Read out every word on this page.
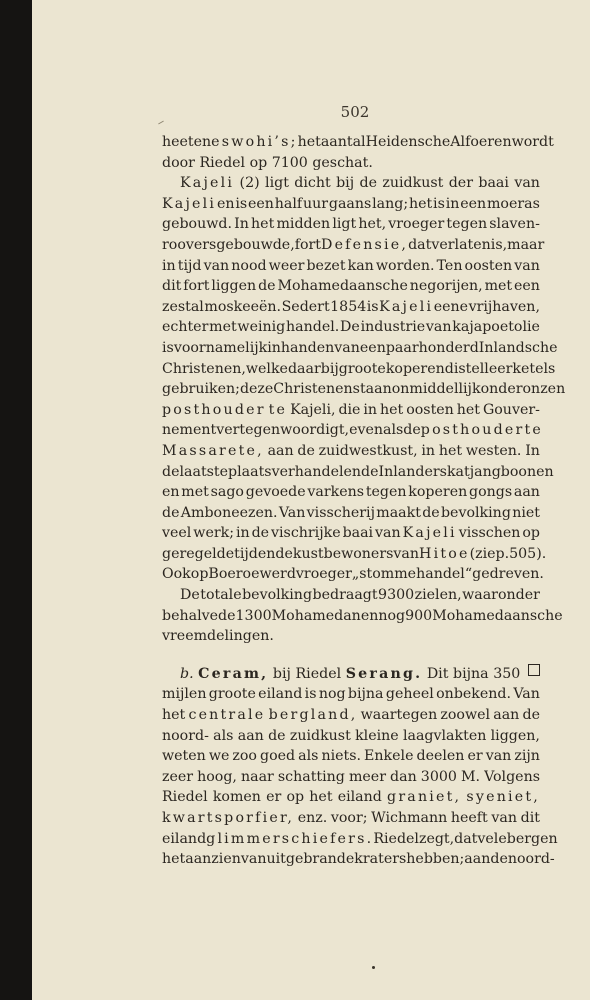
502
heeten eswohi’s; het aantal Heidensche Alfoeren wordt
door Riedel op 7100 geschat.
Kajeli (2) ligt dicht bij de zuidkust der baai van
Kajeli en is een half uur gaans lang; het is in een moeras
gebouwd. In het midden ligt het, vroeger tegen slaven-
roovers gebouwde, fort Defensie, dat verlaten is, maar
in tijd van nood weer bezet kan worden. Ten oosten van
dit fort liggen de Mohamedaansche negorijen, met een
zestal moskeeën. Sedert 1854 is Kajeli eene vrijhaven,
echter met weinig handel. De industrie van kajapoetolie
is voornamelijk in handen van een paar honderd Inlandsche
Christenen, welke daarbij groote koperen distelleerketels
gebruiken; deze Christenen staan onmiddellijk onder onzen
posthouder te Kajeli, die in het oosten het Gouver-
nement vertegenwoordigt, evenals de posthouder te
Massarete, aan de zuidwestkust, in het westen. In
de laatste plaats verhandelen de Inlanders katjangboonen
en met sago gevoede varkens tegen koperen gongs aan
de Amboneezen. Van visscherij maakt de bevolking niet
veel werk; in de vischrijke baai van Kajeli visschen op
geregelde tijden de kustbewoners van Hitoe (zie p. 505).
Ook op Boeroe werd vroeger „stomme handel“ gedreven.
De totale bevolking bedraagt 9300 zielen, waaronder
behalve de 1300 Mohamedanen nog 900 Mohamedaansche
vreemdelingen.
b. Ceram, bij Riedel Serang. Dit bijna 350
mijlen groote eiland is nog bijna geheel onbekend. Van
het centrale bergland, waartegen zoowel aan de
noord- als aan de zuidkust kleine laagvlakten liggen,
weten we zoo goed als niets. Enkele deelen er van zijn
zeer hoog, naar schatting meer dan 3000 M. Volgens
Riedel komen er op het eiland graniet, syeniet,
kwartsporfier, enz. voor; Wichmann heeft van dit
eiland glimmerschiefers. Riedel zegt, dat vele bergen
het aanzien van uitgebrande kraters hebben; aan de noord-
